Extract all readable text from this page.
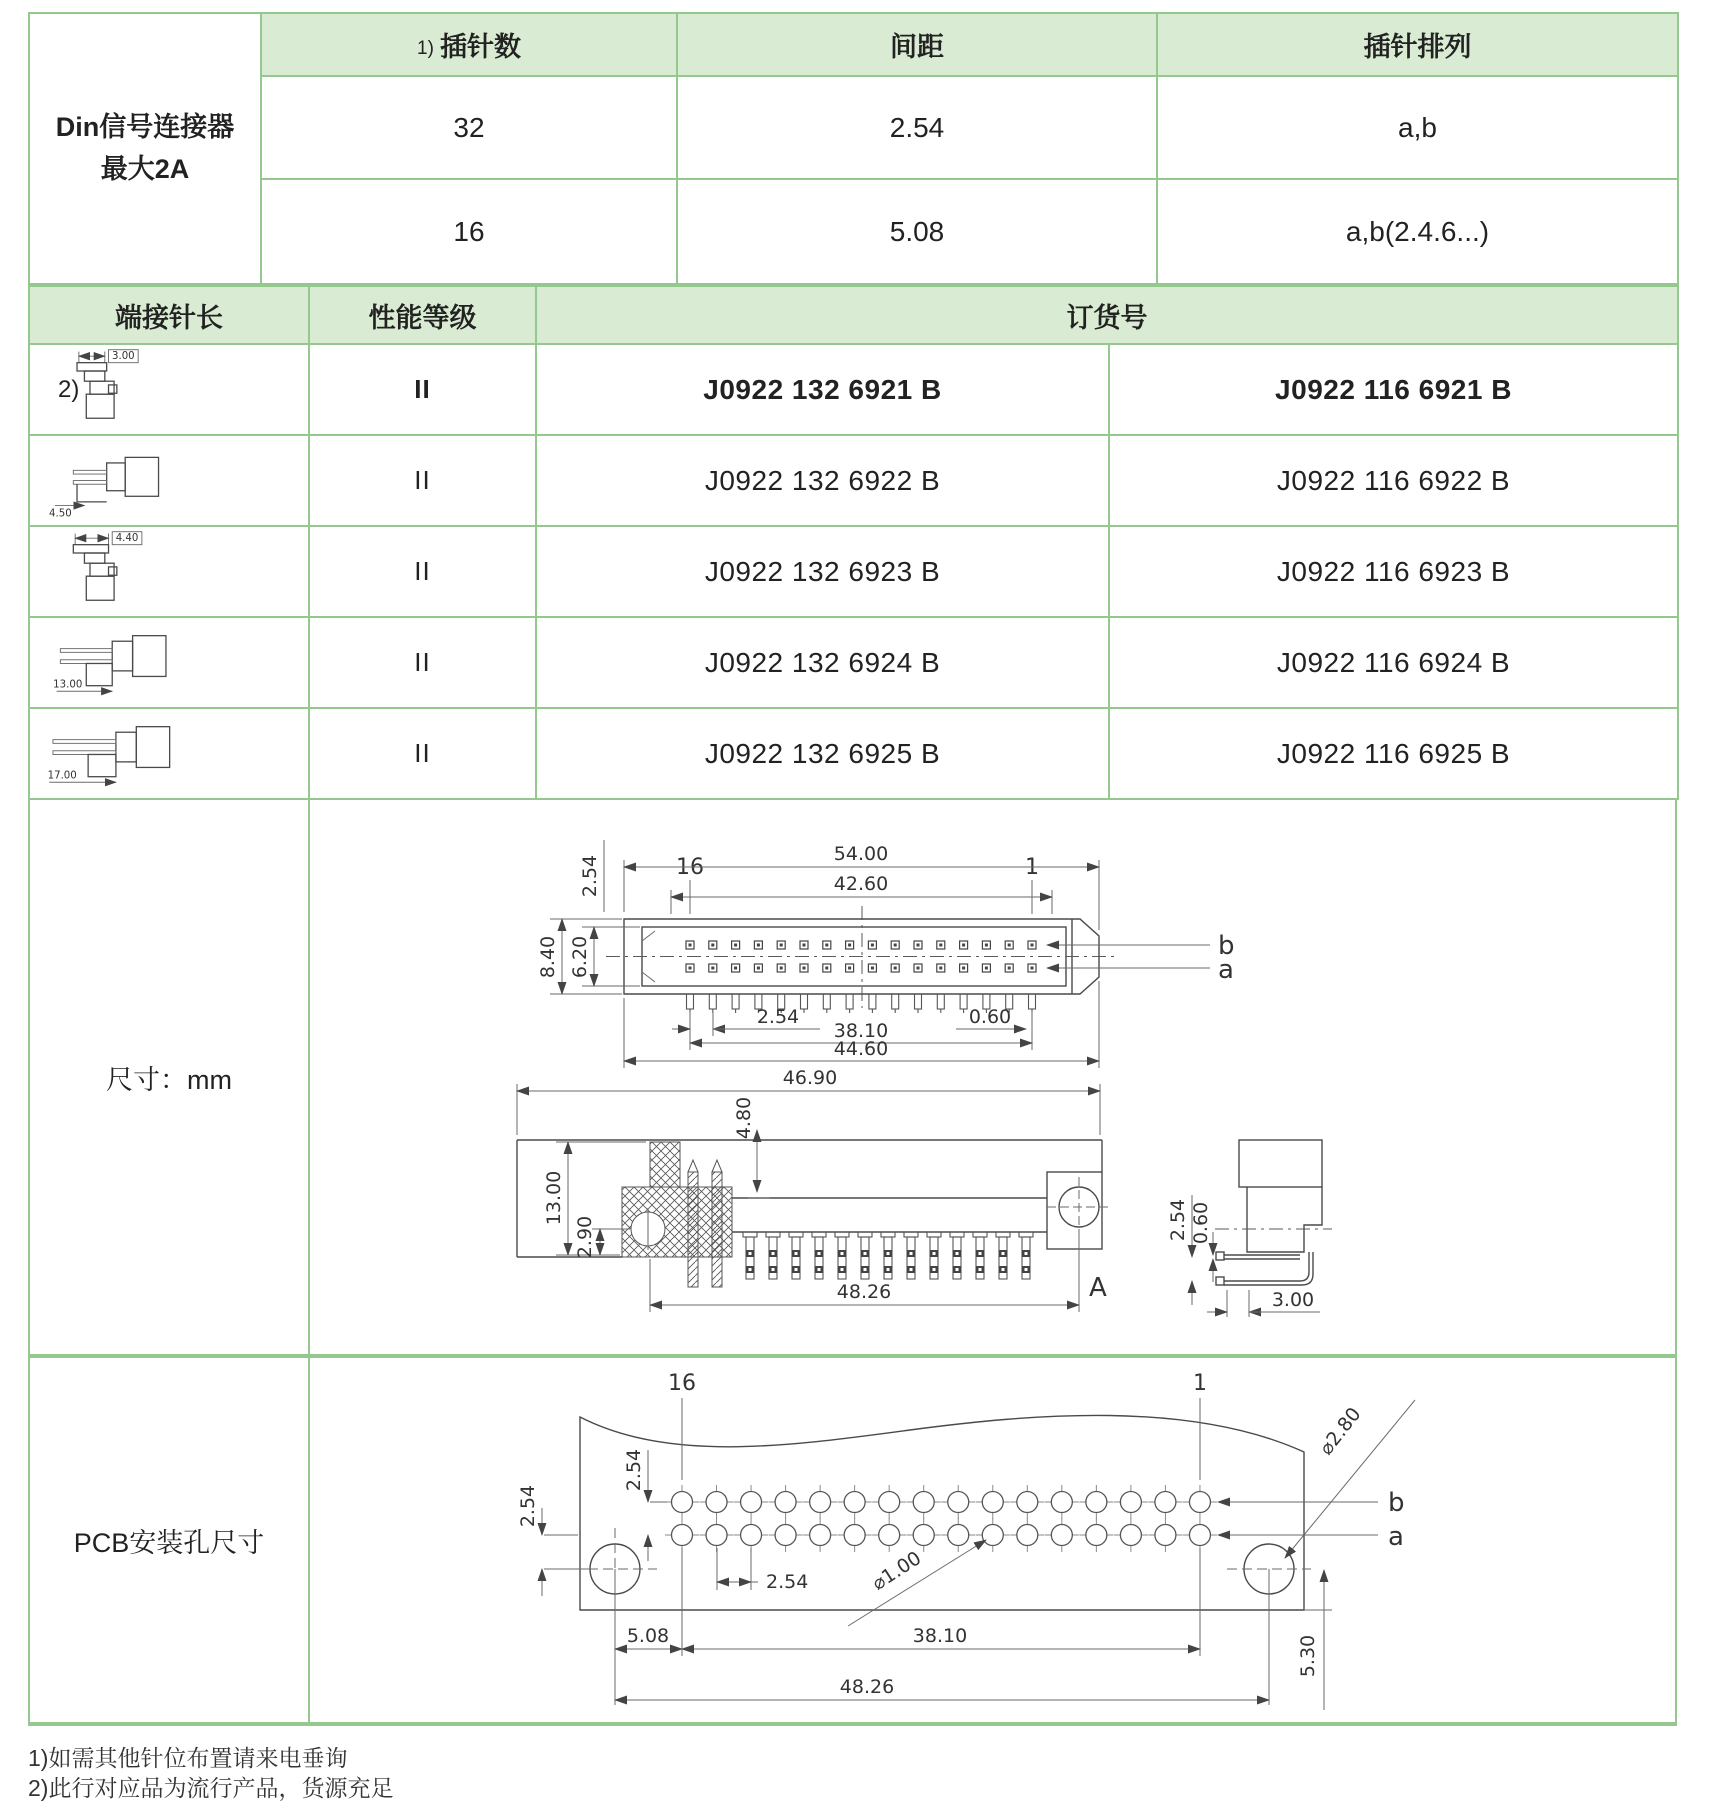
Din信号连接器
最大2A	1) 插针数	间距	插针排列
	32	2.54	a,b
	16	5.08	a,b(2.4.6...)
端接针长	性能等级	订货号	

2)
3.00	II	J0922 132 6921 B	J0922 116 6921 B

4.50	II	J0922 132 6922 B	J0922 116 6922 B

4.40	II	J0922 132 6923 B	J0922 116 6923 B

13.00	II	J0922 132 6924 B	J0922 116 6924 B

17.00	II	J0922 132 6925 B	J0922 116 6925 B
尺寸：mm
16	1
b
a
54.00
42.60
2.54
8.40 6.20
2.54
38.10
0.60
44.60
46.90
A
4.80
13.00
2.90
48.26
2.54 0.60
3.00
PCB安装孔尺寸
16	1
b
a
2.54
2.54
2.54
⌀2.80
⌀1.00
5.08	38.10
48.26
5.30
1)如需其他针位布置请来电垂询
2)此行对应品为流行产品，货源充足
